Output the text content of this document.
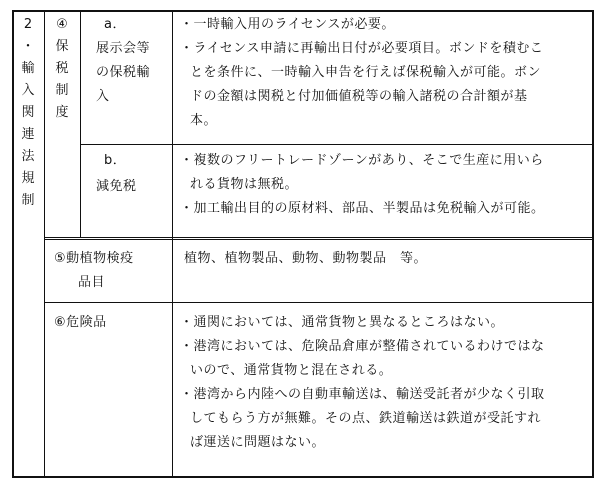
2
・
輸
入
関
連
法
規
制
④
保
税
制
度
a．
展示会等
の保税輸
入
・一時輸入用のライセンスが必要。
・ライセンス申請に再輸出日付が必要項目。ボンドを積むこ
とを条件に、一時輸入申告を行えば保税輸入が可能。ボン
ドの金額は関税と付加価値税等の輸入諸税の合計額が基
本。
b．
減免税
・複数のフリートレードゾーンがあり、そこで生産に用いら
れる貨物は無税。
・加工輸出目的の原材料、部品、半製品は免税輸入が可能。
⑤動植物検疫
品目
植物、植物製品、動物、動物製品　等。
⑥危険品	・通関においては、通常貨物と異なるところはない。
・港湾においては、危険品倉庫が整備されているわけではな
いので、通常貨物と混在される。
・港湾から内陸への自動車輸送は、輸送受託者が少なく引取
してもらう方が無難。その点、鉄道輸送は鉄道が受託すれ
ば運送に問題はない。
